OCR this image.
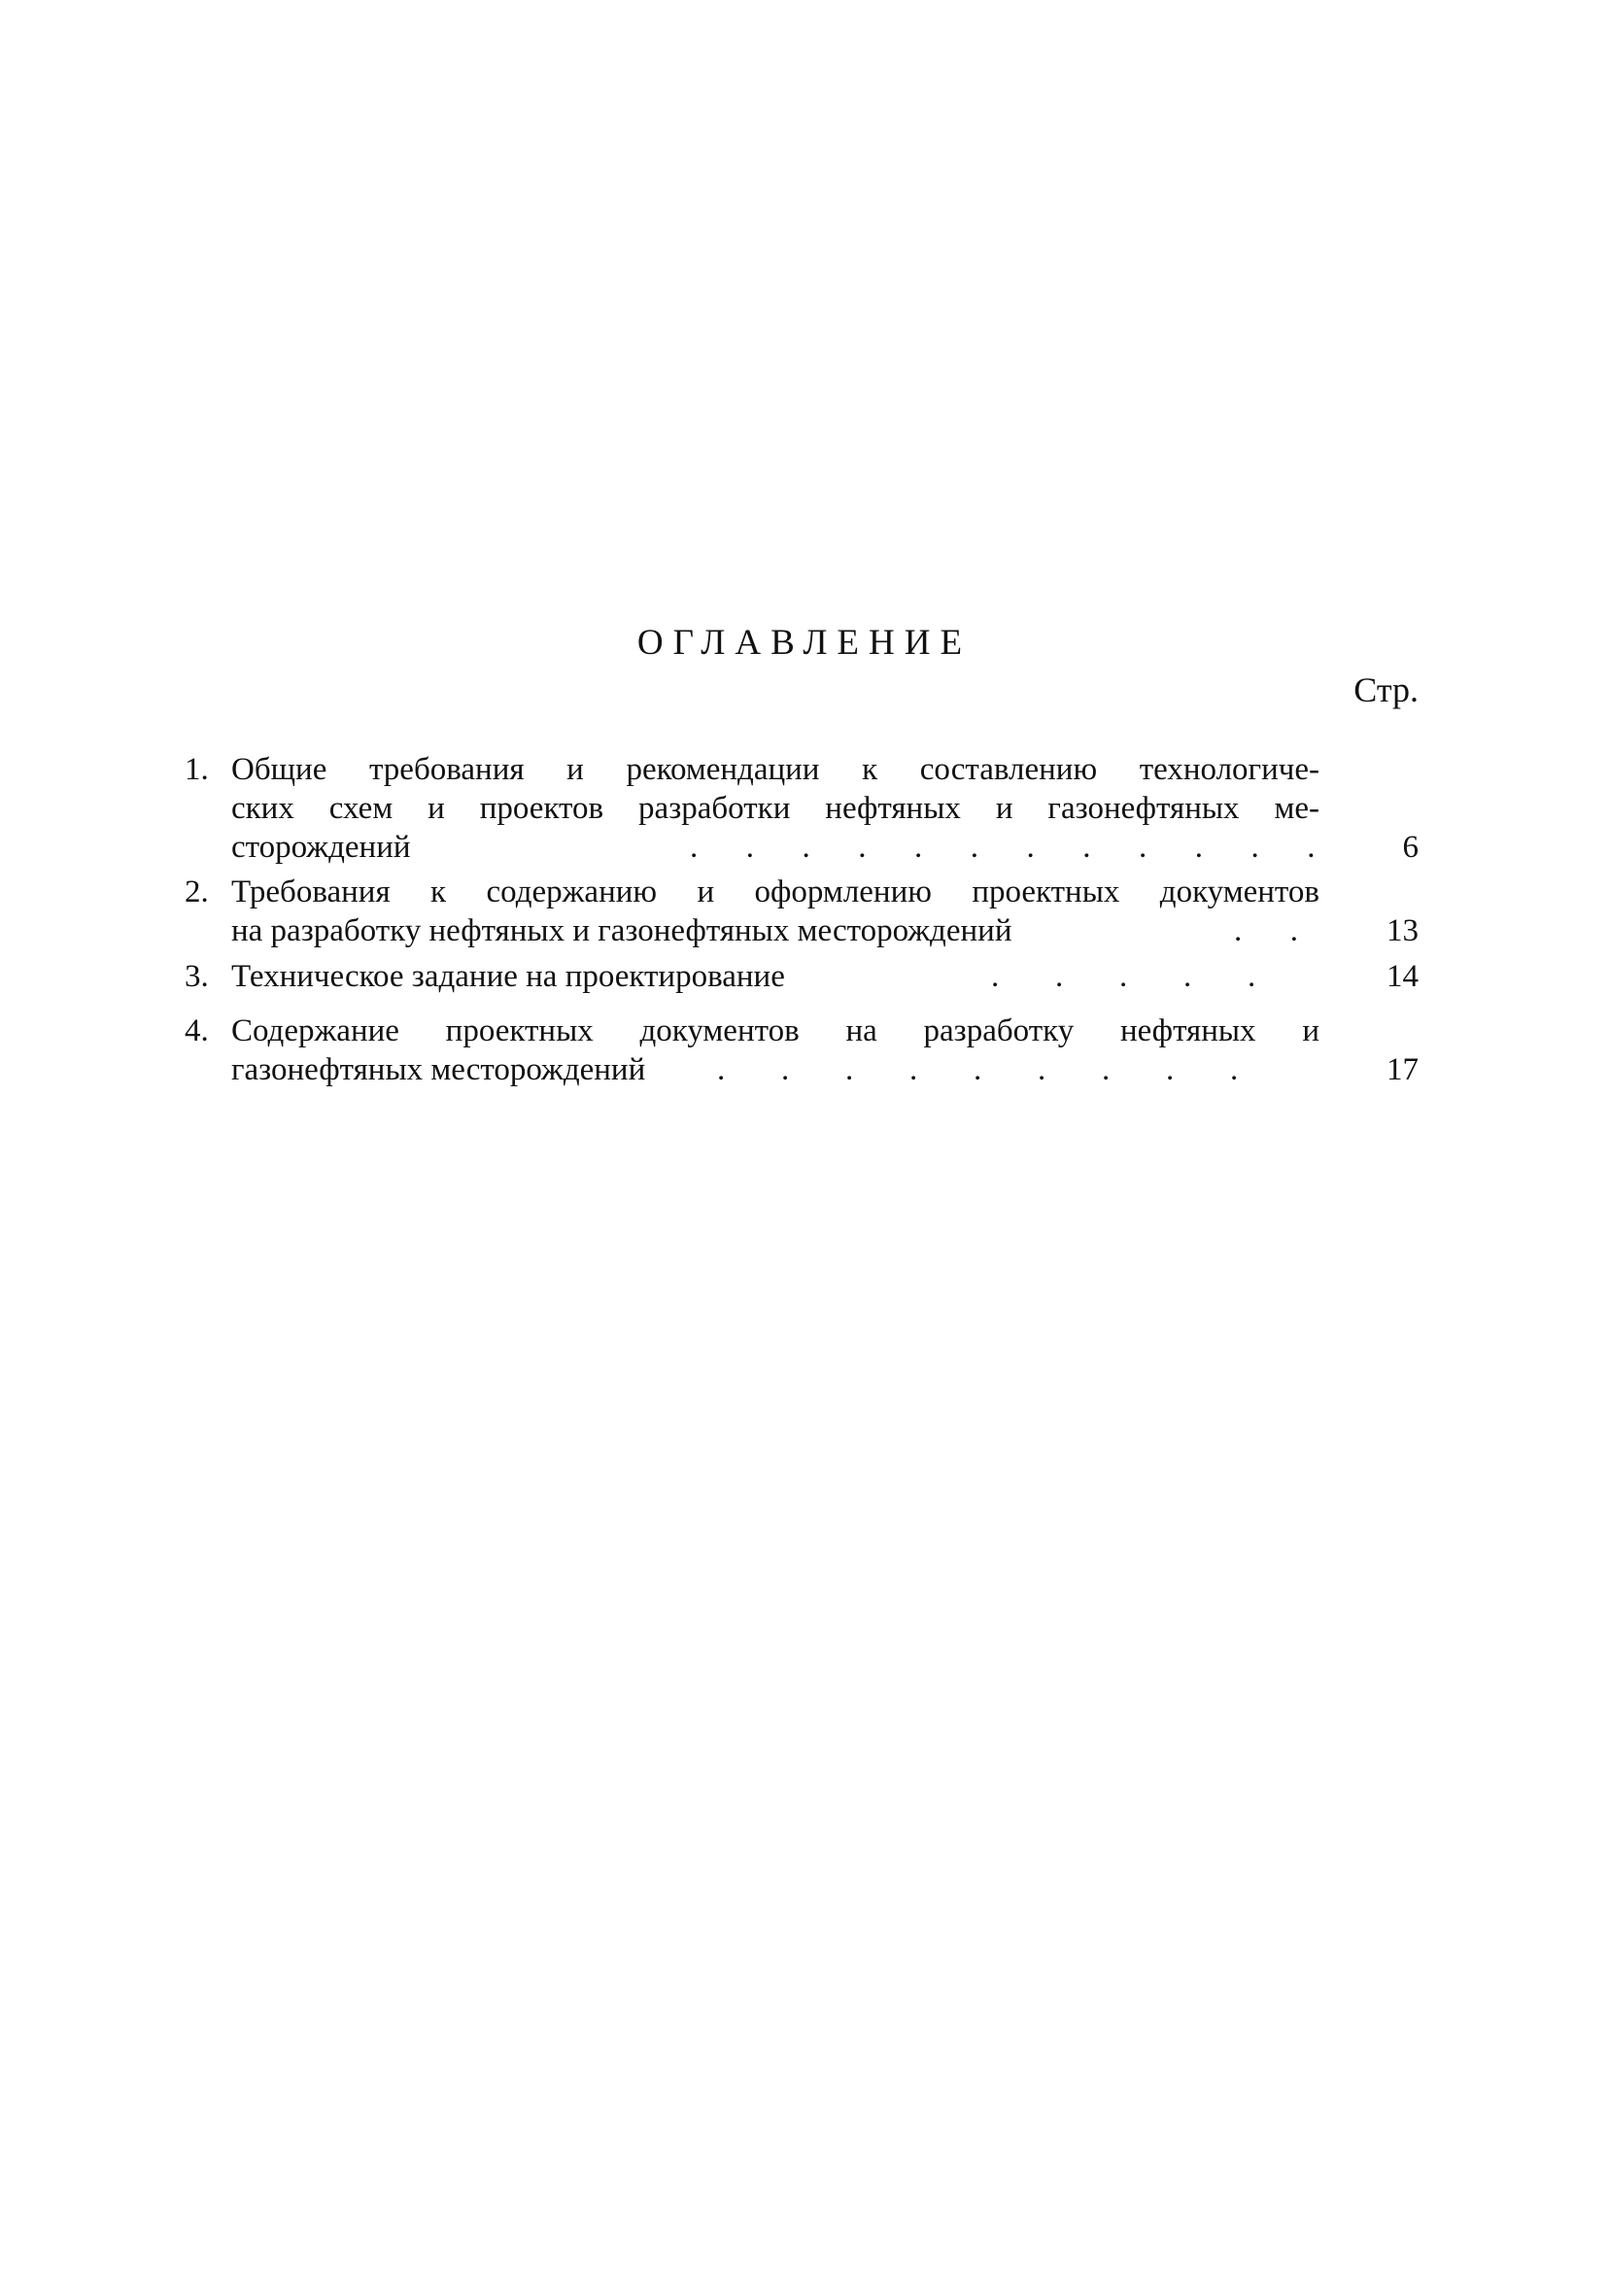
ОГЛАВЛЕНИЕ
Стр.
1. Общие требования и рекомендации к составлению технологиче-
ских схем и проектов разработки нефтяных и газонефтяных ме-
сторождений	.      .      .      .      .      .      .      .      .      .      .      .	6
2. Требования к содержанию и оформлению проектных документов
на разработку нефтяных и газонефтяных месторождений	.      .	13
3. Техническое задание на проектирование	.       .       .       .       .	14
4. Содержание проектных документов на разработку нефтяных и
газонефтяных месторождений	.       .       .       .       .       .       .       .       .	17
